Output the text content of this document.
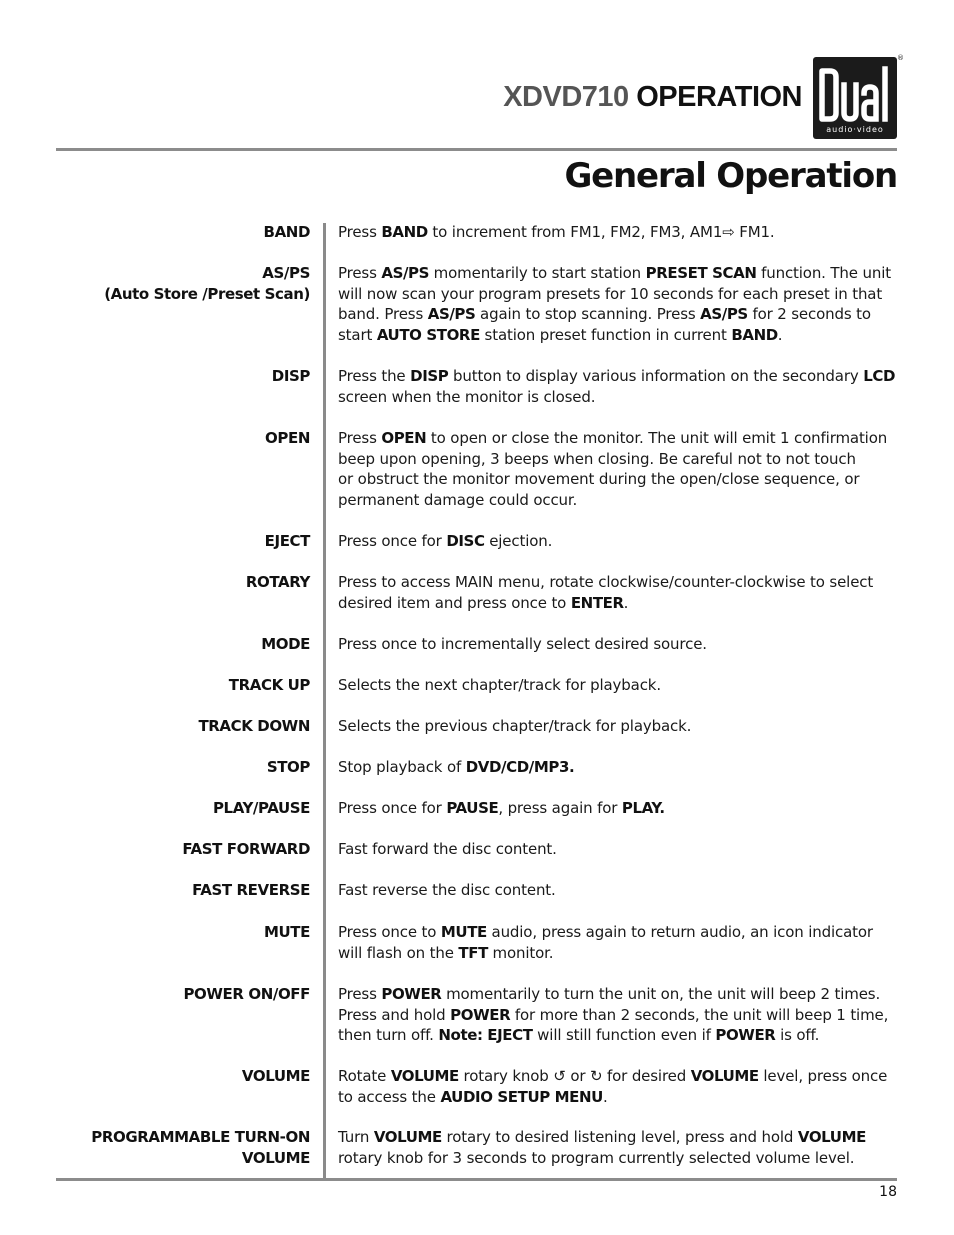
XDVD710 OPERATION
audio·video
®
General Operation
BAND Press BAND to increment from FM1, FM2, FM3, AM1⇨ FM1.
AS/PS
(Auto Store /Preset Scan)
Press AS/PS momentarily to start station PRESET SCAN function. The unit will now scan your program presets for 10 seconds for each preset in that band. Press AS/PS again to stop scanning. Press AS/PS for 2 seconds to start AUTO STORE station preset function in current BAND.
DISP Press the DISP button to display various information on the secondary LCD screen when the monitor is closed.
OPEN Press OPEN to open or close the monitor. The unit will emit 1 confirmation beep upon opening, 3 beeps when closing. Be careful not to not touch
or obstruct the monitor movement during the open/close sequence, or permanent damage could occur.
EJECT Press once for DISC ejection.
ROTARY Press to access MAIN menu, rotate clockwise/counter-clockwise to select desired item and press once to ENTER.
MODE Press once to incrementally select desired source.
TRACK UP Selects the next chapter/track for playback.
TRACK DOWN Selects the previous chapter/track for playback.
STOP Stop playback of DVD/CD/MP3.
PLAY/PAUSE Press once for PAUSE, press again for PLAY.
FAST FORWARD Fast forward the disc content.
FAST REVERSE Fast reverse the disc content.
MUTE Press once to MUTE audio, press again to return audio, an icon indicator will flash on the TFT monitor.
POWER ON/OFF Press POWER momentarily to turn the unit on, the unit will beep 2 times. Press and hold POWER for more than 2 seconds, the unit will beep 1 time, then turn off. Note: EJECT will still function even if POWER is off.
VOLUME Rotate VOLUME rotary knob ↺ or ↻ for desired VOLUME level, press once to access the AUDIO SETUP MENU.
PROGRAMMABLE TURN-ON
VOLUME
Turn VOLUME rotary to desired listening level, press and hold VOLUME rotary knob for 3 seconds to program currently selected volume level.
18
